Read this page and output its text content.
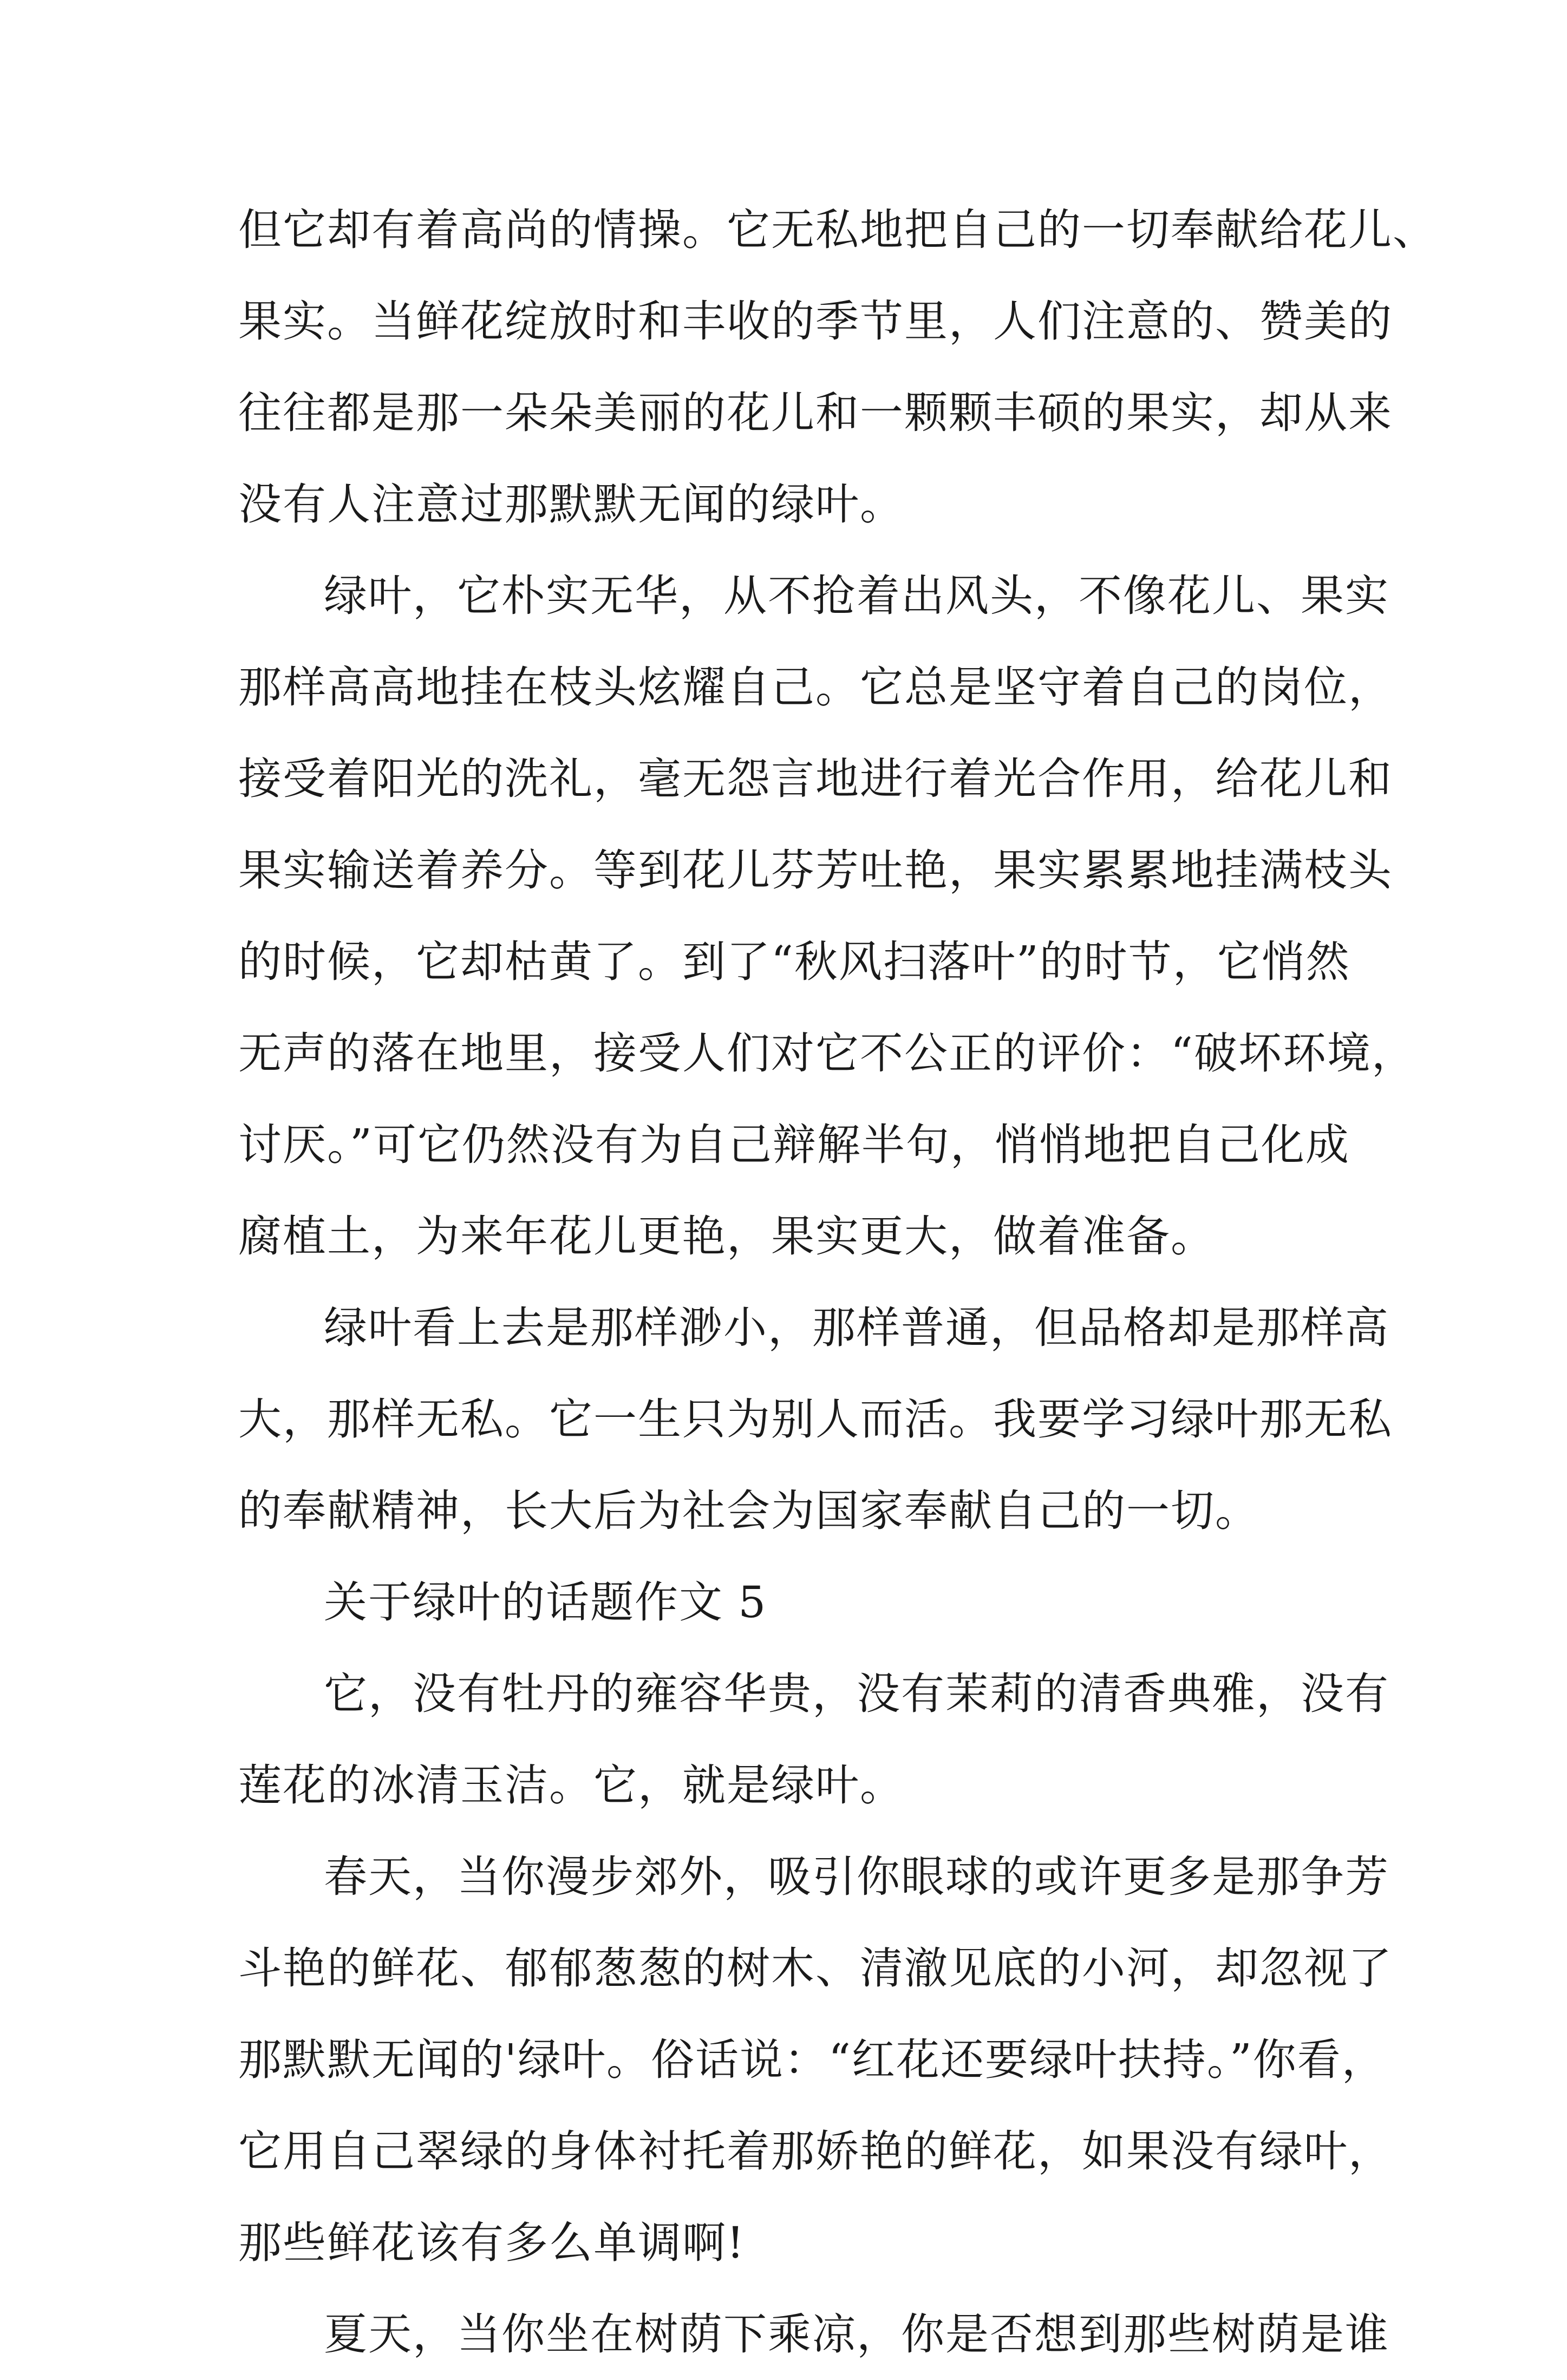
但它却有着高尚的情操。它无私地把自己的一切奉献给花儿、
果实。当鲜花绽放时和丰收的季节里，人们注意的、赞美的
往往都是那一朵朵美丽的花儿和一颗颗丰硕的果实，却从来
没有人注意过那默默无闻的绿叶。
绿叶，它朴实无华，从不抢着出风头，不像花儿、果实
那样高高地挂在枝头炫耀自己。它总是坚守着自己的岗位，
接受着阳光的洗礼，毫无怨言地进行着光合作用，给花儿和
果实输送着养分。等到花儿芬芳吐艳，果实累累地挂满枝头
的时候，它却枯黄了。到了“秋风扫落叶”的时节，它悄然
无声的落在地里，接受人们对它不公正的评价：“破坏环境，
讨厌。”可它仍然没有为自己辩解半句，悄悄地把自己化成
腐植土，为来年花儿更艳，果实更大，做着准备。
绿叶看上去是那样渺小，那样普通，但品格却是那样高
大，那样无私。它一生只为别人而活。我要学习绿叶那无私
的奉献精神，长大后为社会为国家奉献自己的一切。
关于绿叶的话题作文 5
它，没有牡丹的雍容华贵，没有茉莉的清香典雅，没有
莲花的冰清玉洁。它，就是绿叶。
春天，当你漫步郊外，吸引你眼球的或许更多是那争芳
斗艳的鲜花、郁郁葱葱的树木、清澈见底的小河，却忽视了
那默默无闻的'绿叶。俗话说：“红花还要绿叶扶持。”你看，
它用自己翠绿的身体衬托着那娇艳的鲜花，如果没有绿叶，
那些鲜花该有多么单调啊!
夏天，当你坐在树荫下乘凉，你是否想到那些树荫是谁
